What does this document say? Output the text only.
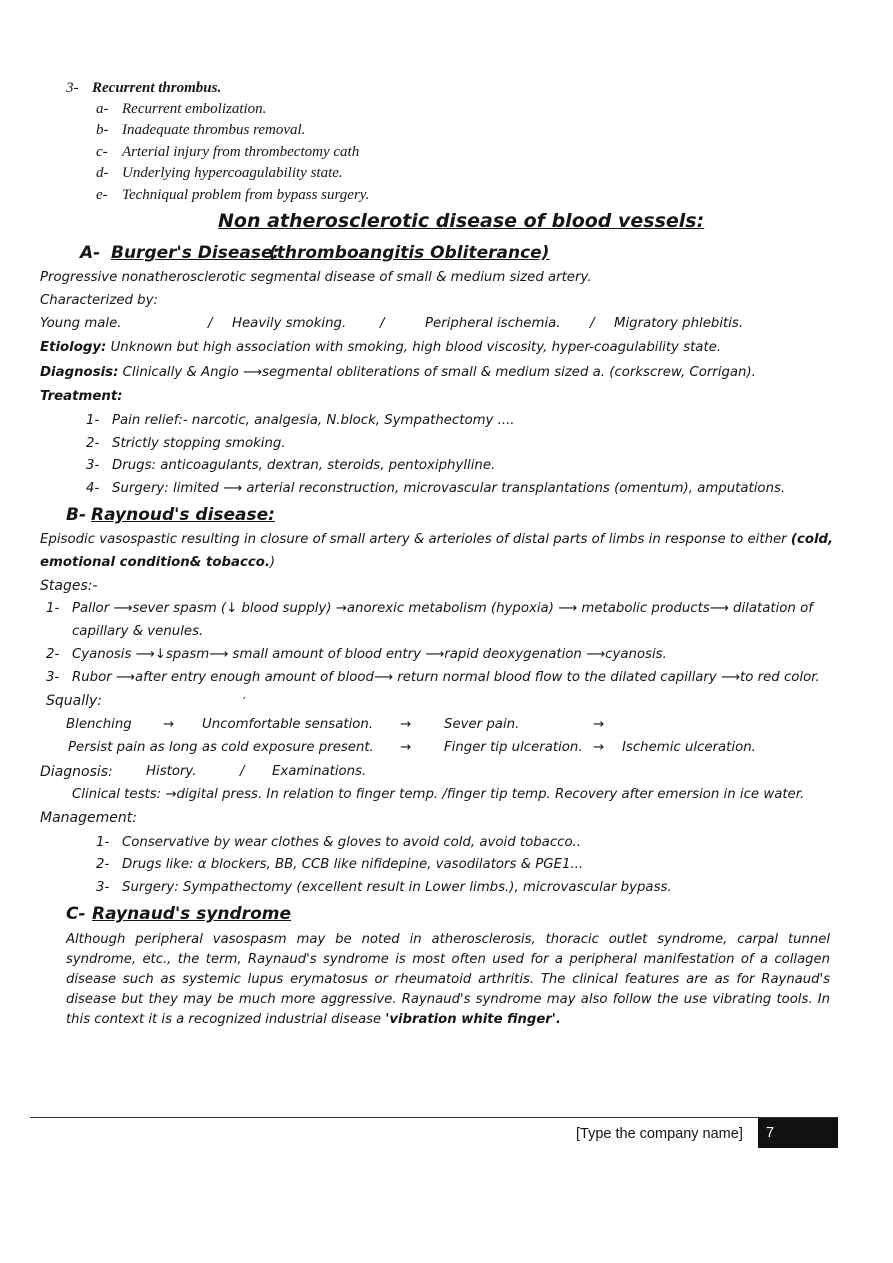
3- Recurrent thrombus.
a- Recurrent embolization.
b- Inadequate thrombus removal.
c- Arterial injury from thrombectomy cath
d- Underlying hypercoagulability state.
e- Techniqual problem from bypass surgery.
Non atherosclerotic disease of blood vessels:
A- Burger's Disease:
(thromboangitis Obliterance)
Progressive nonatherosclerotic segmental disease of small & medium sized artery.
Characterized by:
Young male.	/ Heavily smoking.	/	Peripheral ischemia. / Migratory phlebitis.
Etiology: Unknown but high association with smoking, high blood viscosity, hyper-coagulability state.
Diagnosis: Clinically & Angio ⟶segmental obliterations of small & medium sized a. (corkscrew, Corrigan).
Treatment:
1- Pain relief:- narcotic, analgesia, N.block, Sympathectomy ....
2- Strictly stopping smoking.
3- Drugs: anticoagulants, dextran, steroids, pentoxiphylline.
4- Surgery: limited ⟶ arterial reconstruction, microvascular transplantations (omentum), amputations.
B- Raynoud's disease:
Episodic vasospastic resulting in closure of small artery & arterioles of distal parts of limbs in response to either (cold,
emotional condition& tobacco.)
Stages:-
1- Pallor ⟶sever spasm (↓ blood supply) →anorexic metabolism (hypoxia) ⟶ metabolic products⟶ dilatation of
capillary & venules.
2- Cyanosis ⟶↓spasm⟶ small amount of blood entry ⟶rapid deoxygenation ⟶cyanosis.
3- Rubor ⟶after entry enough amount of blood⟶ return normal blood flow to the dilated capillary ⟶to red color.
Squally:	ʻ
Blenching → Uncomfortable sensation. → Sever pain.	→
Persist pain as long as cold exposure present. → Finger tip ulceration. → Ischemic ulceration.
Diagnosis: History.	/ Examinations.
Clinical tests: →digital press. In relation to finger temp. /finger tip temp. Recovery after emersion in ice water.
Management:
1- Conservative by wear clothes & gloves to avoid cold, avoid tobacco..
2- Drugs like: α blockers, BB, CCB like nifidepine, vasodilators & PGE1...
3- Surgery: Sympathectomy (excellent result in Lower limbs.), microvascular bypass.
C- Raynaud's syndrome
Although peripheral vasospasm may be noted in atherosclerosis, thoracic outlet syndrome, carpal tunnel syndrome, etc., the term, Raynaud's syndrome is most often used for a peripheral manifestation of a collagen disease such as systemic lupus erymatosus or rheumatoid arthritis. The clinical features are as for Raynaud's disease but they may be much more aggressive. Raynaud's syndrome may also follow the use vibrating tools. In this context it is a recognized industrial disease 'vibration white finger'.
[Type the company name]	7
